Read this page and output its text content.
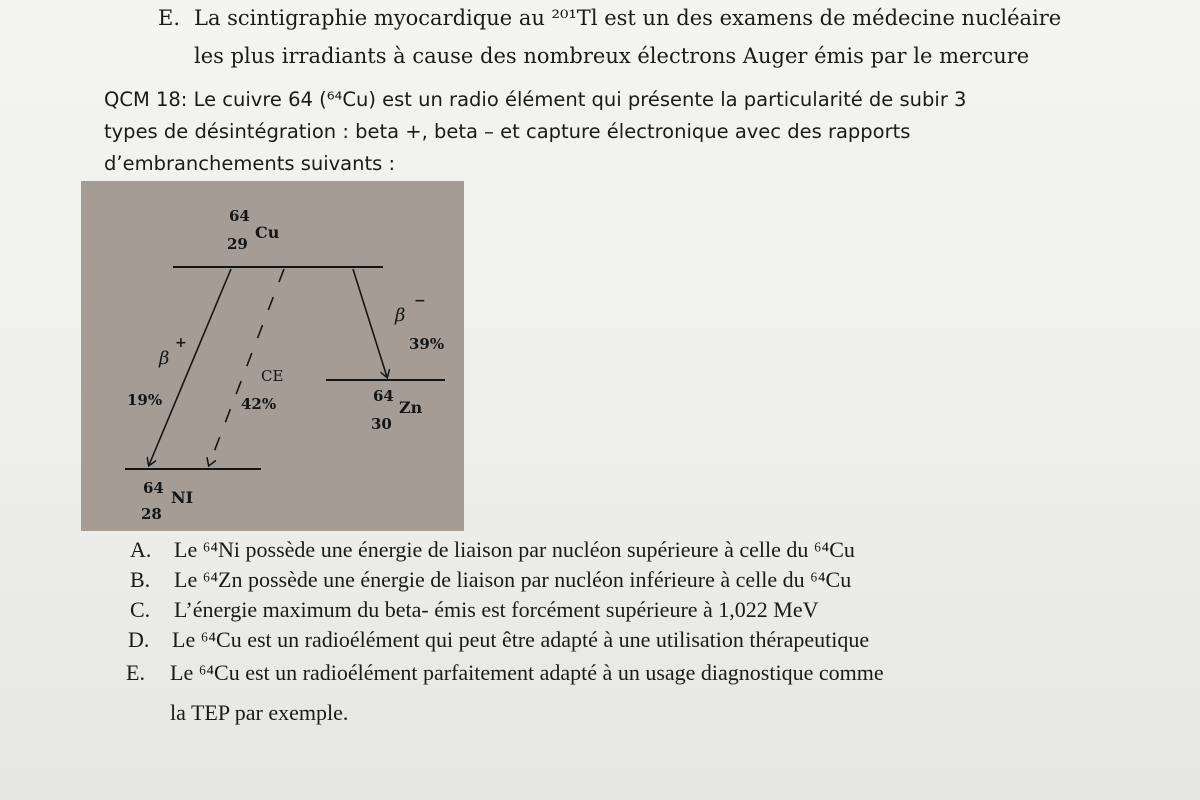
E. La scintigraphie myocardique au ²⁰¹Tl est un des examens de médecine nucléaire
les plus irradiants à cause des nombreux électrons Auger émis par le mercure
QCM 18: Le cuivre 64 (⁶⁴Cu) est un radio élément qui présente la particularité de subir 3
types de désintégration : beta +, beta – et capture électronique avec des rapports
d’embranchements suivants :
64
29
Cu
β
+
19%
CE
42%
β
−
39%
64
30
Zn
64
28
NI
A. Le ⁶⁴Ni possède une énergie de liaison par nucléon supérieure à celle du ⁶⁴Cu
B. Le ⁶⁴Zn possède une énergie de liaison par nucléon inférieure à celle du ⁶⁴Cu
C. L’énergie maximum du beta- émis est forcément supérieure à 1,022 MeV
D. Le ⁶⁴Cu est un radioélément qui peut être adapté à une utilisation thérapeutique
E. Le ⁶⁴Cu est un radioélément parfaitement adapté à un usage diagnostique comme
la TEP par exemple.
